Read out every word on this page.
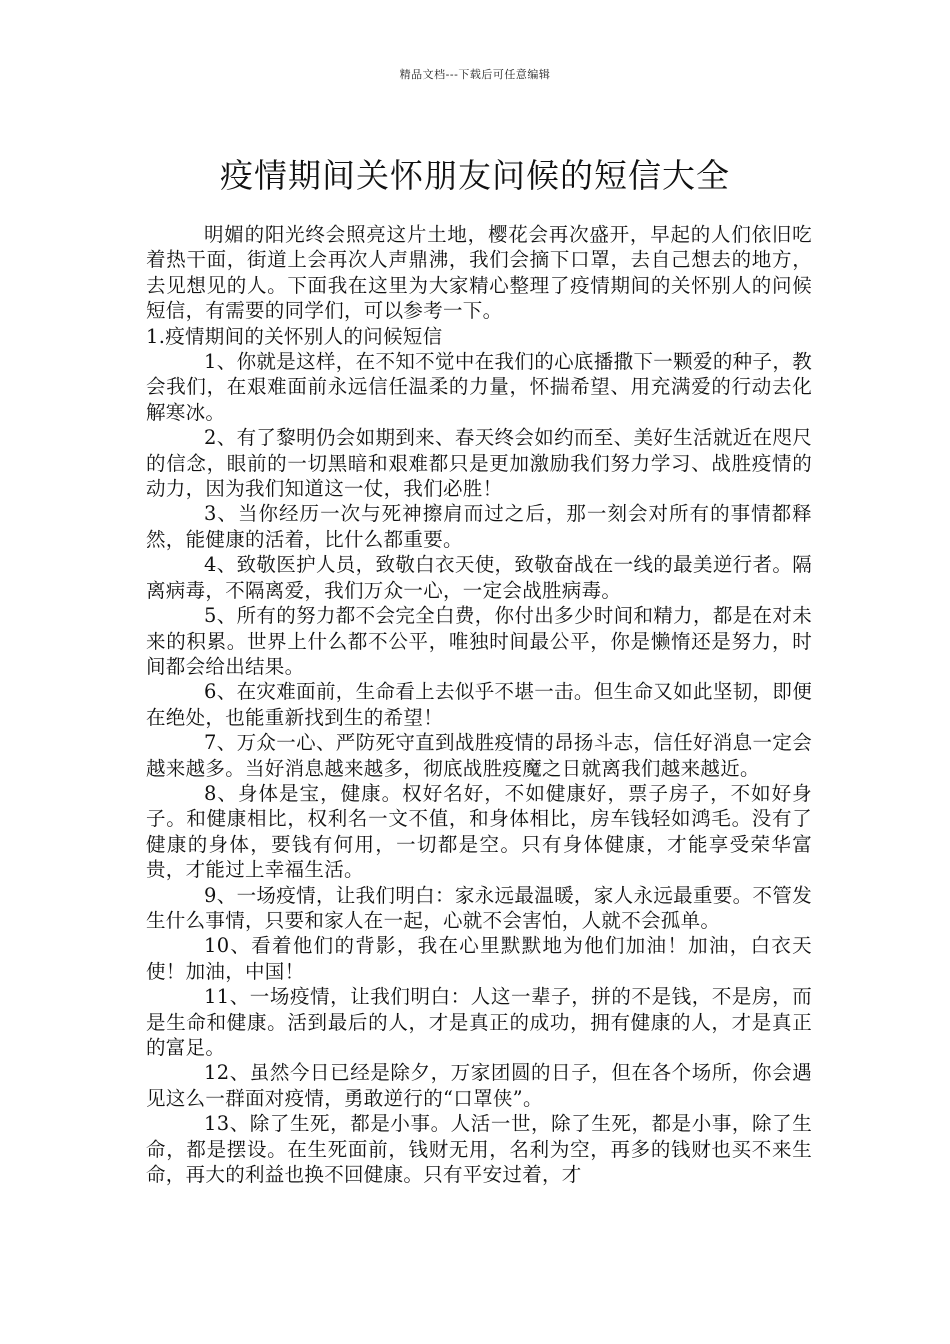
精品文档---下载后可任意编辑
疫情期间关怀朋友问候的短信大全

明媚的阳光终会照亮这片土地，樱花会再次盛开，早起的人们依旧吃着热干面，街道上会再次人声鼎沸，我们会摘下口罩，去自己想去的地方，去见想见的人。下面我在这里为大家精心整理了疫情期间的关怀别人的问候短信，有需要的同学们，可以参考一下。

1.疫情期间的关怀别人的问候短信

1、你就是这样，在不知不觉中在我们的心底播撒下一颗爱的种子，教会我们，在艰难面前永远信任温柔的力量，怀揣希望、用充满爱的行动去化解寒冰。

2、有了黎明仍会如期到来、春天终会如约而至、美好生活就近在咫尺的信念，眼前的一切黑暗和艰难都只是更加激励我们努力学习、战胜疫情的动力，因为我们知道这一仗，我们必胜！

3、当你经历一次与死神擦肩而过之后，那一刻会对所有的事情都释然，能健康的活着，比什么都重要。

4、致敬医护人员，致敬白衣天使，致敬奋战在一线的最美逆行者。隔离病毒，不隔离爱，我们万众一心，一定会战胜病毒。

5、所有的努力都不会完全白费，你付出多少时间和精力，都是在对未来的积累。世界上什么都不公平，唯独时间最公平，你是懒惰还是努力，时间都会给出结果。

6、在灾难面前，生命看上去似乎不堪一击。但生命又如此坚韧，即便在绝处，也能重新找到生的希望！

7、万众一心、严防死守直到战胜疫情的昂扬斗志，信任好消息一定会越来越多。当好消息越来越多，彻底战胜疫魔之日就离我们越来越近。

8、身体是宝，健康。权好名好，不如健康好，票子房子，不如好身子。和健康相比，权利名一文不值，和身体相比，房车钱轻如鸿毛。没有了健康的身体，要钱有何用，一切都是空。只有身体健康，才能享受荣华富贵，才能过上幸福生活。

9、一场疫情，让我们明白：家永远最温暖，家人永远最重要。不管发生什么事情，只要和家人在一起，心就不会害怕，人就不会孤单。

10、看着他们的背影，我在心里默默地为他们加油！加油，白衣天使！加油，中国！

11、一场疫情，让我们明白：人这一辈子，拼的不是钱，不是房，而是生命和健康。活到最后的人，才是真正的成功，拥有健康的人，才是真正的富足。

12、虽然今日已经是除夕，万家团圆的日子，但在各个场所，你会遇见这么一群面对疫情，勇敢逆行的“口罩侠”。

13、除了生死，都是小事。人活一世，除了生死，都是小事，除了生命，都是摆设。在生死面前，钱财无用，名利为空，再多的钱财也买不来生命，再大的利益也换不回健康。只有平安过着，才
